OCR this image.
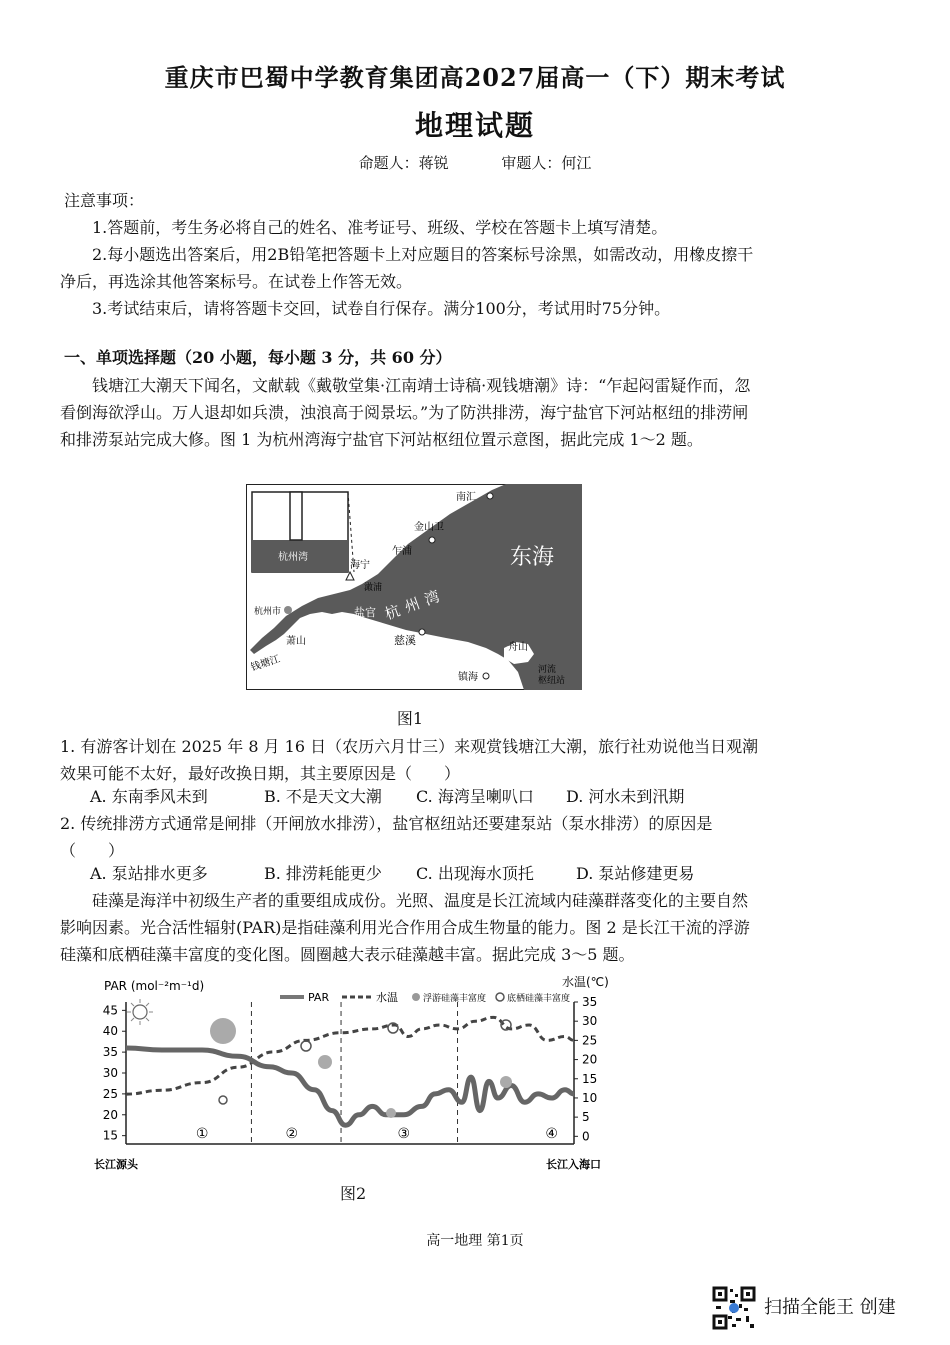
重庆市巴蜀中学教育集团高2027届高一（下）期末考试
地理试题
命题人：蒋锐	审题人：何江
注意事项：
1.答题前，考生务必将自己的姓名、准考证号、班级、学校在答题卡上填写清楚。
2.每小题选出答案后，用2B铅笔把答题卡上对应题目的答案标号涂黑，如需改动，用橡皮擦干净后，再选涂其他答案标号。在试卷上作答无效。
3.考试结束后，请将答题卡交回，试卷自行保存。满分100分，考试用时75分钟。
一、单项选择题（20 小题，每小题 3 分，共 60 分）
钱塘江大潮天下闻名，文献载《戴敬堂集·江南靖士诗稿·观钱塘潮》诗：“乍起闷雷疑作而，忽看倒海欲浮山。万人退却如兵溃，浊浪高于阅景坛。”为了防洪排涝，海宁盐官下河站枢纽的排涝闸和排涝泵站完成大修。图 1 为杭州湾海宁盐官下河站枢纽位置示意图，据此完成 1～2 题。
南汇
金山卫
乍浦
海宁
澉浦
盐官 杭州湾
杭州市
萧山
钱塘江
慈溪
舟山
镇海
东海
杭州湾
河流
枢纽站
图1
1. 有游客计划在 2025 年 8 月 16 日（农历六月廿三）来观赏钱塘江大潮，旅行社劝说他当日观潮效果可能不太好，最好改换日期，其主要原因是（　　）
A. 东南季风未到	B. 不是天文大潮 C. 海湾呈喇叭口 D. 河水未到汛期
2. 传统排涝方式通常是闸排（开闸放水排涝），盐官枢纽站还要建泵站（泵水排涝）的原因是（　　）
A. 泵站排水更多	B. 排涝耗能更少 C. 出现海水顶托	D. 泵站修建更易
硅藻是海洋中初级生产者的重要组成成份。光照、温度是长江流域内硅藻群落变化的主要自然影响因素。光合活性辐射(PAR)是指硅藻利用光合作用合成生物量的能力。图 2 是长江干流的浮游硅藻和底栖硅藻丰富度的变化图。圆圈越大表示硅藻越丰富。据此完成 3～5 题。
PAR (mol⁻²m⁻¹d)	水温(℃)
PAR	水温	浮游硅藻丰富度 底栖硅藻丰富度
45
40
35
30
25
20
15
35
30
25
20
15
10
5
0
①	②	③	④
长江源头	长江入海口
图2
高一地理 第1页
扫描全能王 创建
